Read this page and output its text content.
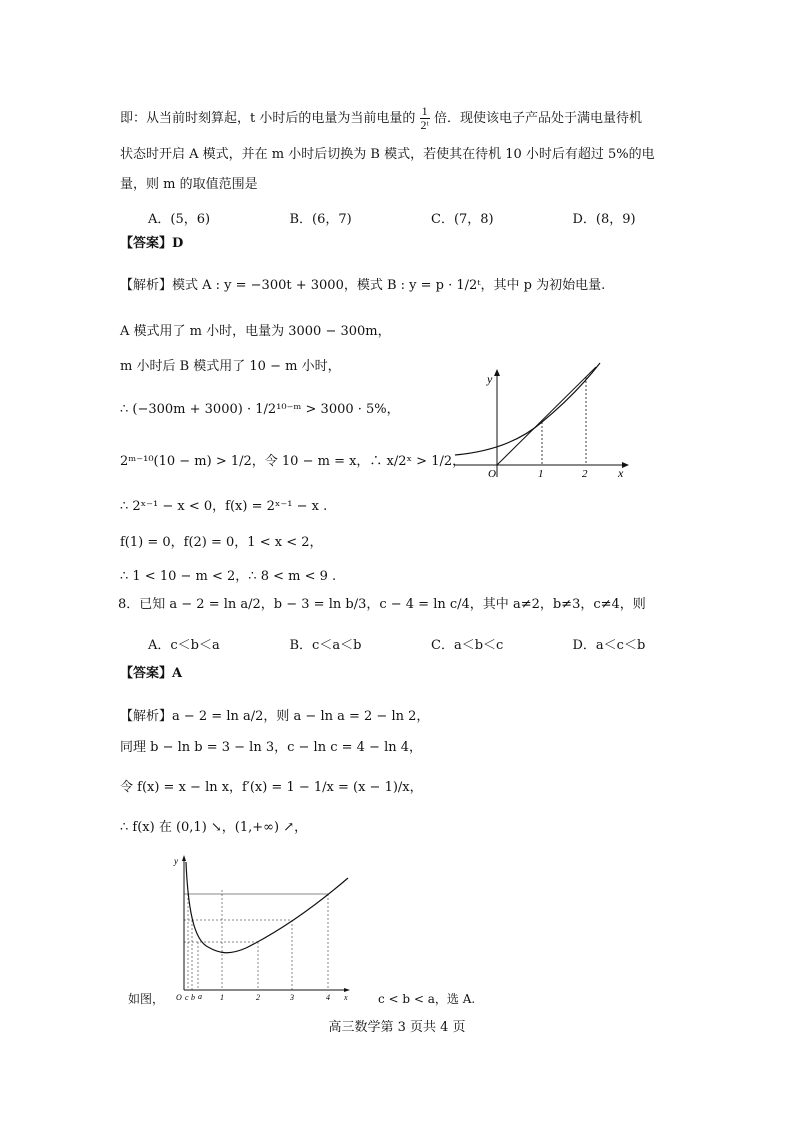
即：从当前时刻算起，t 小时后的电量为当前电量的 $\frac{1}{\text{2ᵗ}}$ 倍．现使该电子产品处于满电量待机
状态时开启 A 模式，并在 m 小时后切换为 B 模式，若使其在待机 10 小时后有超过 5%的电
量，则 m 的取值范围是
A．(5，6)	B．(6，7)	C．(7，8)	D．(8，9)
【答案】D
【解析】模式 A : y = −300t + 3000，模式 B : y = p · 1/2ᵗ，其中 p 为初始电量.
A 模式用了 m 小时，电量为 3000 − 300m，
m 小时后 B 模式用了 10 − m 小时，
∴ (−300m + 3000) · 1/2¹⁰⁻ᵐ > 3000 · 5%，
2ᵐ⁻¹⁰(10 − m) > 1/2，令 10 − m = x，∴ x/2ˣ > 1/2，
∴ 2ˣ⁻¹ − x < 0，f(x) = 2ˣ⁻¹ − x .
f(1) = 0，f(2) = 0，1 < x < 2，
∴ 1 < 10 − m < 2，∴ 8 < m < 9 .
y
O	1	2	x
8．已知 a − 2 = ln a/2，b − 3 = ln b/3，c − 4 = ln c/4，其中 a≠2，b≠3，c≠4，则
A．c＜b＜a	B．c＜a＜b	C．a＜b＜c	D．a＜c＜b
【答案】A
【解析】a − 2 = ln a/2，则 a − ln a = 2 − ln 2，
同理 b − ln b = 3 − ln 3，c − ln c = 4 − ln 4，
令 f(x) = x − ln x，f′(x) = 1 − 1/x = (x − 1)/x，
∴ f(x) 在 (0,1) ↘，(1,+∞) ↗，
y
O c b a 1	2	3	4 x
如图，	c < b < a，选 A.
高三数学第 3 页共 4 页
